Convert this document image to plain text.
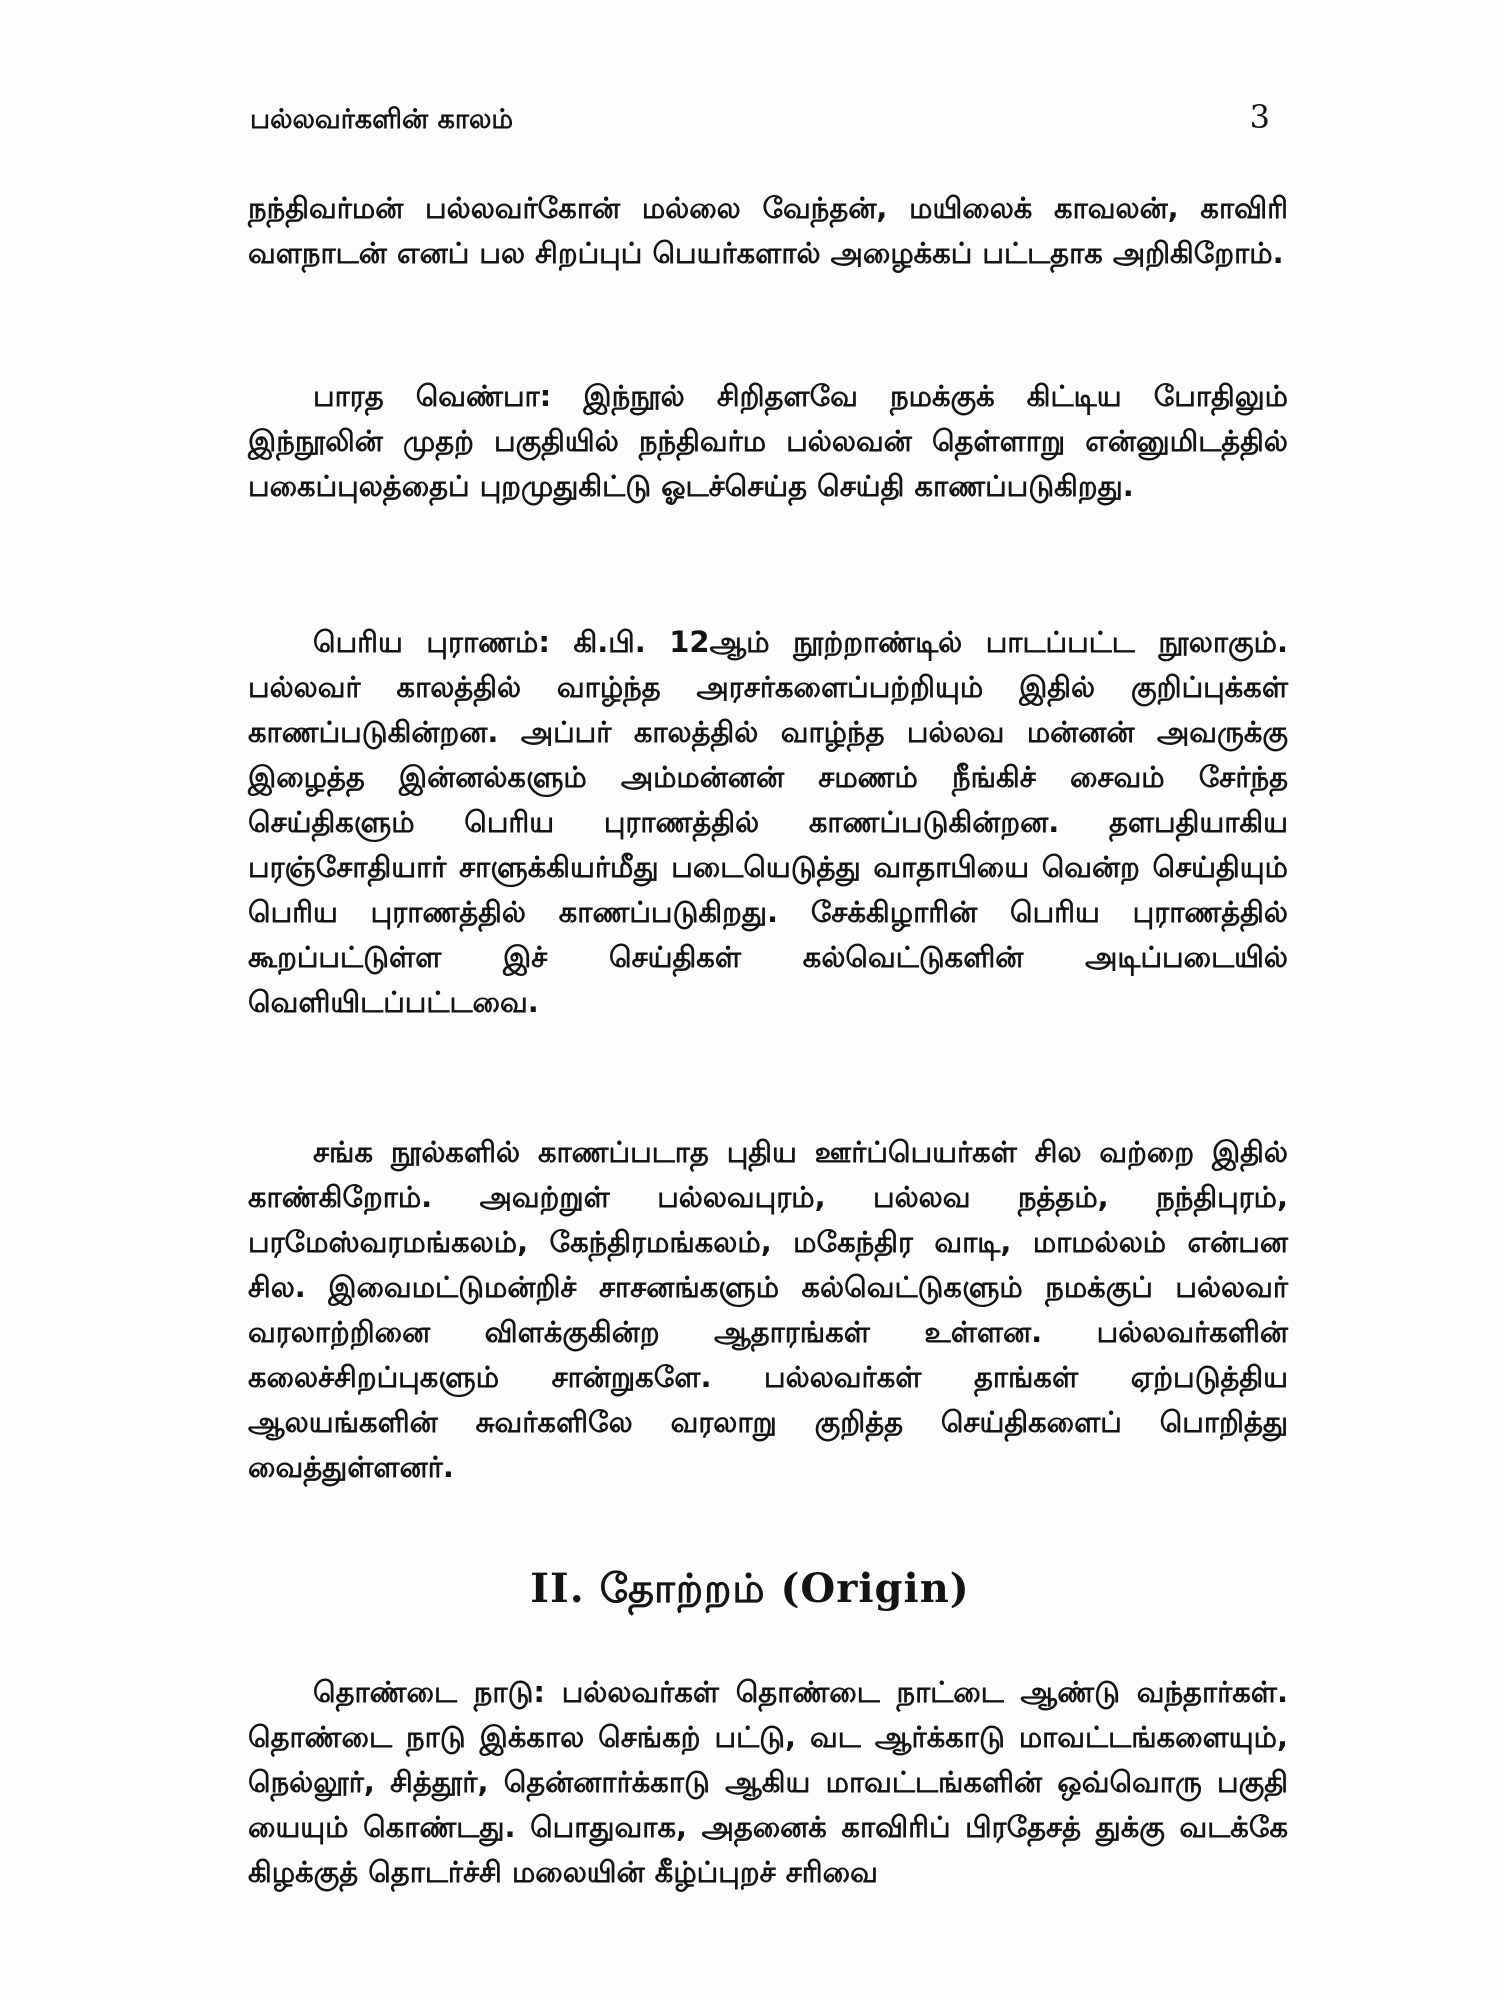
பல்லவர்களின் காலம்	3

நந்திவர்மன் பல்லவர்கோன் மல்லை வேந்தன், மயிலைக் காவலன், காவிரி வளநாடன் எனப் பல சிறப்புப் பெயர்களால் அழைக்கப் பட்டதாக அறிகிறோம்.

பாரத வெண்பா: இந்நூல் சிறிதளவே நமக்குக் கிட்டிய போதிலும் இந்நூலின் முதற் பகுதியில் நந்திவர்ம பல்லவன் தெள்ளாறு என்னுமிடத்தில் பகைப்புலத்தைப் புறமுதுகிட்டு ஓடச்செய்த செய்தி காணப்படுகிறது.

பெரிய புராணம்: கி.பி. 12ஆம் நூற்றாண்டில் பாடப்பட்ட நூலாகும். பல்லவர் காலத்தில் வாழ்ந்த அரசர்களைப்பற்றியும் இதில் குறிப்புக்கள் காணப்படுகின்றன. அப்பர் காலத்தில் வாழ்ந்த பல்லவ மன்னன் அவருக்கு இழைத்த இன்னல்களும் அம்மன்னன் சமணம் நீங்கிச் சைவம் சேர்ந்த செய்திகளும் பெரிய புராணத்தில் காணப்படுகின்றன. தளபதியாகிய பரஞ்சோதியார் சாளுக்கியர்மீது படையெடுத்து வாதாபியை வென்ற செய்தியும் பெரிய புராணத்தில் காணப்படுகிறது. சேக்கிழாரின் பெரிய புராணத்தில் கூறப்பட்டுள்ள இச் செய்திகள் கல்வெட்டுகளின் அடிப்படையில் வெளியிடப்பட்டவை.

சங்க நூல்களில் காணப்படாத புதிய ஊர்ப்பெயர்கள் சில வற்றை இதில் காண்கிறோம். அவற்றுள் பல்லவபுரம், பல்லவ நத்தம், நந்திபுரம், பரமேஸ்வரமங்கலம், கேந்திரமங்கலம், மகேந்திர வாடி, மாமல்லம் என்பன சில. இவைமட்டுமன்றிச் சாசனங்களும் கல்வெட்டுகளும் நமக்குப் பல்லவர் வரலாற்றினை விளக்குகின்ற ஆதாரங்கள் உள்ளன. பல்லவர்களின் கலைச்சிறப்புகளும் சான்றுகளே. பல்லவர்கள் தாங்கள் ஏற்படுத்திய ஆலயங்களின் சுவர்களிலே வரலாறு குறித்த செய்திகளைப் பொறித்து வைத்துள்ளனர்.

II. தோற்றம் (Origin)

தொண்டை நாடு: பல்லவர்கள் தொண்டை நாட்டை ஆண்டு வந்தார்கள். தொண்டை நாடு இக்கால செங்கற் பட்டு, வட ஆர்க்காடு மாவட்டங்களையும், நெல்லூர், சித்தூர், தென்னார்க்காடு ஆகிய மாவட்டங்களின் ஒவ்வொரு பகுதி யையும் கொண்டது. பொதுவாக, அதனைக் காவிரிப் பிரதேசத் துக்கு வடக்கே கிழக்குத் தொடர்ச்சி மலையின் கீழ்ப்புறச் சரிவை
